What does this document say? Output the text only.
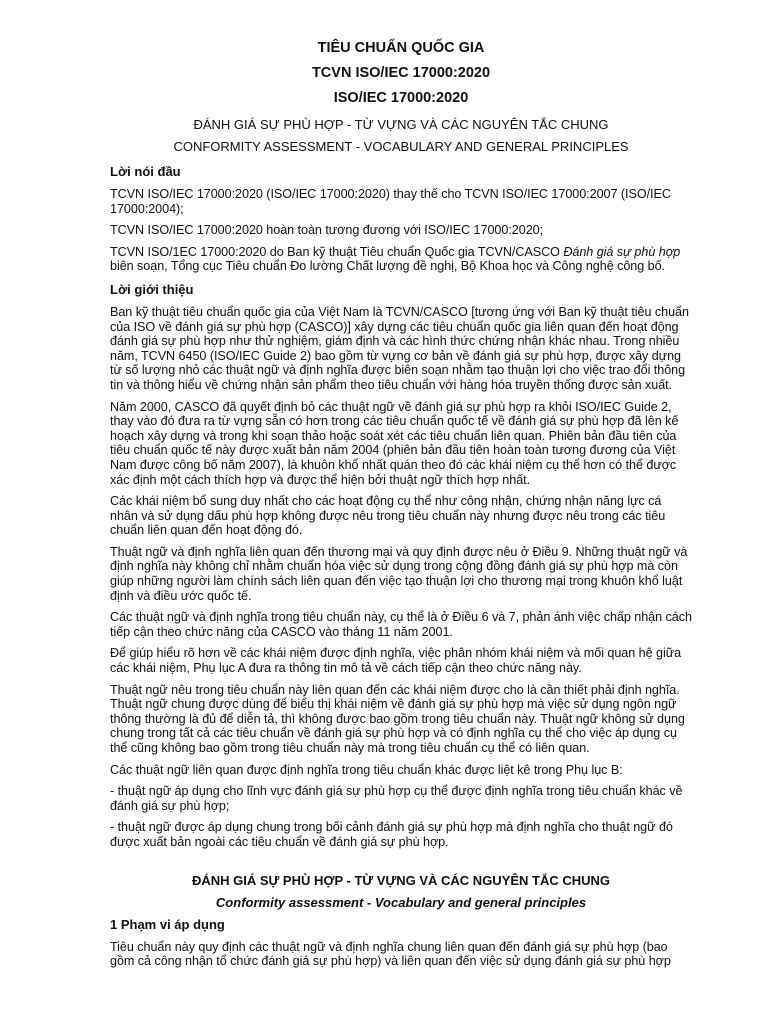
TIÊU CHUẨN QUỐC GIA
TCVN ISO/IEC 17000:2020
ISO/IEC 17000:2020
ĐÁNH GIÁ SỰ PHÙ HỢP - TỪ VỰNG VÀ CÁC NGUYÊN TẮC CHUNG
CONFORMITY ASSESSMENT - VOCABULARY AND GENERAL PRINCIPLES
Lời nói đầu

TCVN ISO/IEC 17000:2020 (ISO/IEC 17000:2020) thay thế cho TCVN ISO/IEC 17000:2007 (ISO/IEC 17000:2004);

TCVN ISO/IEC 17000:2020 hoàn toàn tương đương với ISO/IEC 17000:2020;

TCVN ISO/1EC 17000:2020 do Ban kỹ thuật Tiêu chuẩn Quốc gia TCVN/CASCO Đánh giá sự phù hợp biên soạn, Tổng cục Tiêu chuẩn Đo lường Chất lượng đề nghị, Bộ Khoa học và Công nghệ công bố.

Lời giới thiệu

Ban kỹ thuật tiêu chuẩn quốc gia của Việt Nam là TCVN/CASCO [tương ứng với Ban kỹ thuật tiêu chuẩn của ISO về đánh giá sự phù hợp (CASCO)] xây dựng các tiêu chuẩn quốc gia liên quan đến hoạt động đánh giá sự phù hợp như thử nghiệm, giám định và các hình thức chứng nhận khác nhau. Trong nhiều năm, TCVN 6450 (ISO/IEC Guide 2) bao gồm từ vựng cơ bản về đánh giá sự phù hợp, được xây dựng từ số lượng nhỏ các thuật ngữ và định nghĩa được biên soạn nhằm tạo thuận lợi cho việc trao đổi thông tin và thông hiểu về chứng nhận sản phẩm theo tiêu chuẩn với hàng hóa truyền thống được sản xuất.

Năm 2000, CASCO đã quyết định bỏ các thuật ngữ về đánh giá sự phù hợp ra khỏi ISO/IEC Guide 2, thay vào đó đưa ra từ vựng sẵn có hơn trong các tiêu chuẩn quốc tế về đánh giá sự phù hợp đã lên kế hoạch xây dựng và trong khi soạn thảo hoặc soát xét các tiêu chuẩn liên quan. Phiên bản đầu tiên của tiêu chuẩn quốc tế này được xuất bản năm 2004 (phiên bản đầu tiên hoàn toàn tương đương của Việt Nam được công bố năm 2007), là khuôn khổ nhất quán theo đó các khái niệm cụ thể hơn có thể được xác định một cách thích hợp và được thể hiện bởi thuật ngữ thích hợp nhất.

Các khái niệm bổ sung duy nhất cho các hoạt động cụ thể như công nhận, chứng nhận năng lực cá nhân và sử dụng dấu phù hợp không được nêu trong tiêu chuẩn này nhưng được nêu trong các tiêu chuẩn liên quan đến hoạt động đó.

Thuật ngữ và định nghĩa liên quan đến thương mại và quy định được nêu ở Điều 9. Những thuật ngữ và định nghĩa này không chỉ nhằm chuẩn hóa việc sử dụng trong cộng đồng đánh giá sự phù hợp mà còn giúp những người làm chính sách liên quan đến việc tạo thuận lợi cho thương mại trong khuôn khổ luật định và điều ước quốc tế.

Các thuật ngữ và định nghĩa trong tiêu chuẩn này, cụ thể là ở Điều 6 và 7, phản ánh việc chấp nhận cách tiếp cận theo chức năng của CASCO vào tháng 11 năm 2001.

Để giúp hiểu rõ hơn về các khái niệm được định nghĩa, việc phân nhóm khái niệm và mối quan hệ giữa các khái niệm, Phụ lục A đưa ra thông tin mô tả về cách tiếp cận theo chức năng này.

Thuật ngữ nêu trong tiêu chuẩn này liên quan đến các khái niệm được cho là cần thiết phải định nghĩa. Thuật ngữ chung được dùng để biểu thị khái niệm về đánh giá sự phù hợp mà việc sử dụng ngôn ngữ thông thường là đủ để diễn tả, thì không được bao gồm trong tiêu chuẩn này. Thuật ngữ không sử dụng chung trong tất cả các tiêu chuẩn về đánh giá sự phù hợp và có định nghĩa cụ thể cho việc áp dụng cụ thể cũng không bao gồm trong tiêu chuẩn này mà trong tiêu chuẩn cụ thể có liên quan.

Các thuật ngữ liên quan được định nghĩa trong tiêu chuẩn khác được liệt kê trong Phụ lục B:

- thuật ngữ áp dụng cho lĩnh vực đánh giá sự phù hợp cụ thể được định nghĩa trong tiêu chuẩn khác về đánh giá sự phù hợp;

- thuật ngữ được áp dụng chung trong bối cảnh đánh giá sự phù hợp mà định nghĩa cho thuật ngữ đó được xuất bản ngoài các tiêu chuẩn về đánh giá sự phù hợp.

ĐÁNH GIÁ SỰ PHÙ HỢP - TỪ VỰNG VÀ CÁC NGUYÊN TẮC CHUNG
Conformity assessment - Vocabulary and general principles
1 Phạm vi áp dụng

Tiêu chuẩn này quy định các thuật ngữ và định nghĩa chung liên quan đến đánh giá sự phù hợp (bao gồm cả công nhận tổ chức đánh giá sự phù hợp) và liên quan đến việc sử dụng đánh giá sự phù hợp
